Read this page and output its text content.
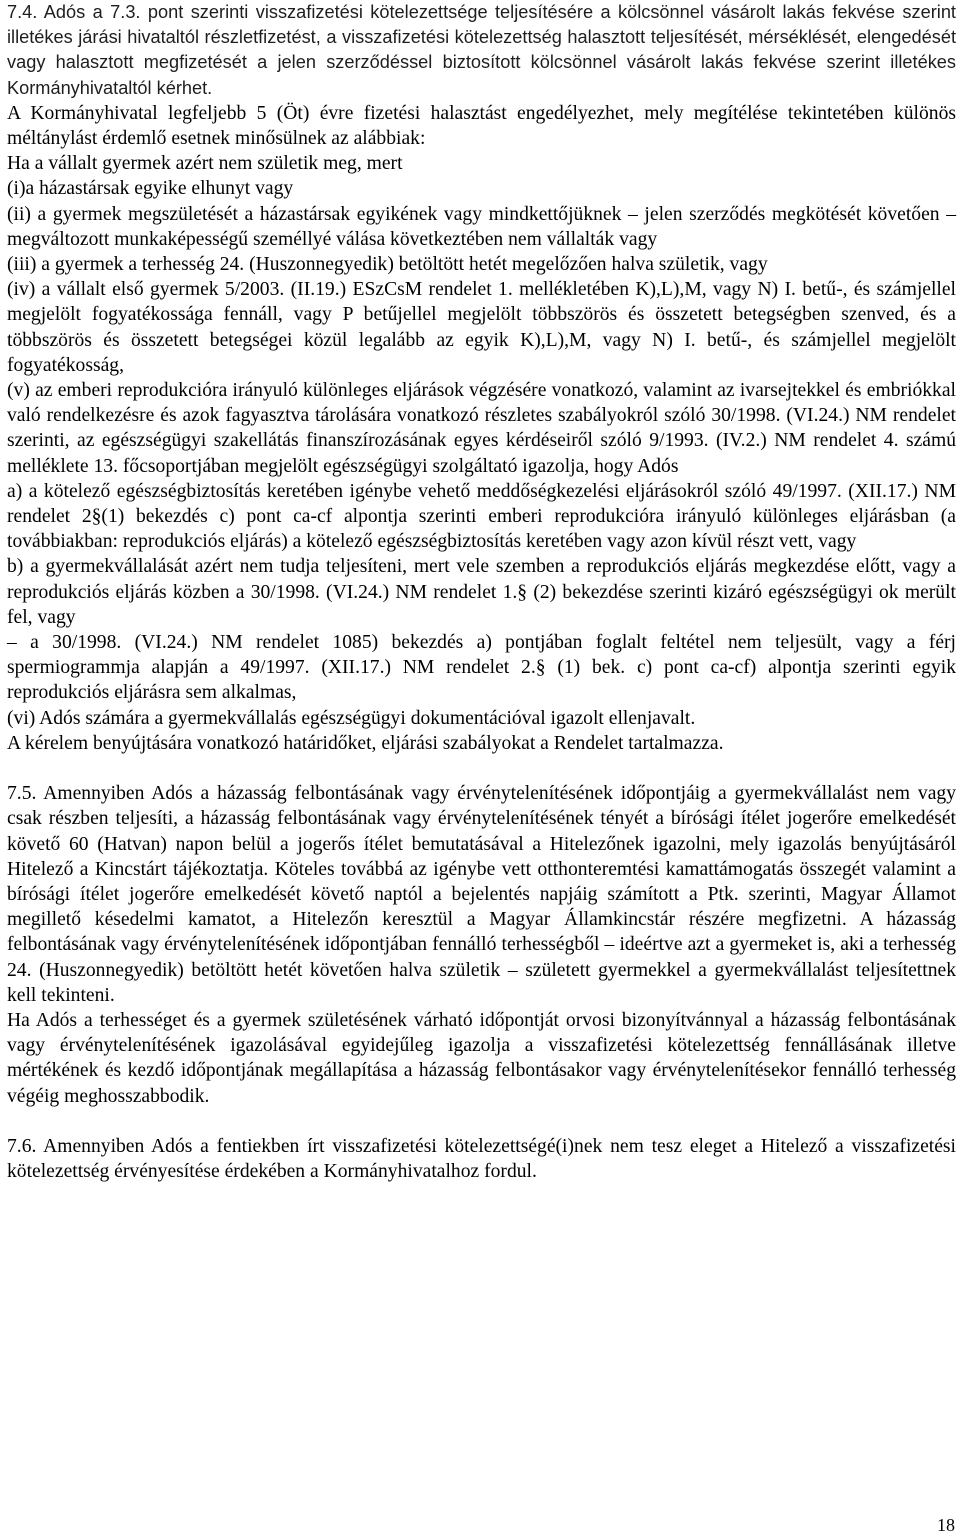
7.4. Adós a 7.3. pont szerinti visszafizetési kötelezettsége teljesítésére a kölcsönnel vásárolt lakás fekvése szerint illetékes járási hivataltól részletfizetést, a visszafizetési kötelezettség halasztott teljesítését, mérséklését, elengedését vagy halasztott megfizetését a jelen szerződéssel biztosított kölcsönnel vásárolt lakás fekvése szerint illetékes Kormányhivataltól kérhet.

A Kormányhivatal legfeljebb 5 (Öt) évre fizetési halasztást engedélyezhet, mely megítélése tekintetében különös méltánylást érdemlő esetnek minősülnek az alábbiak:

Ha a vállalt gyermek azért nem születik meg, mert

(i)a házastársak egyike elhunyt vagy

(ii) a gyermek megszületését a házastársak egyikének vagy mindkettőjüknek – jelen szerződés megkötését követően – megváltozott munkaképességű személlyé válása következtében nem vállalták vagy

(iii) a gyermek a terhesség 24. (Huszonnegyedik) betöltött hetét megelőzően halva születik, vagy

(iv) a vállalt első gyermek 5/2003. (II.19.) ESzCsM rendelet 1. mellékletében K),L),M, vagy N) I. betű-, és számjellel megjelölt fogyatékossága fennáll, vagy P betűjellel megjelölt többszörös és összetett betegségben szenved, és a többszörös és összetett betegségei közül legalább az egyik K),L),M, vagy N) I. betű-, és számjellel megjelölt fogyatékosság,

(v) az emberi reprodukcióra irányuló különleges eljárások végzésére vonatkozó, valamint az ivarsejtekkel és embriókkal való rendelkezésre és azok fagyasztva tárolására vonatkozó részletes szabályokról szóló 30/1998. (VI.24.) NM rendelet szerinti, az egészségügyi szakellátás finanszírozásának egyes kérdéseiről szóló 9/1993. (IV.2.) NM rendelet 4. számú melléklete 13. főcsoportjában megjelölt egészségügyi szolgáltató igazolja, hogy Adós

a) a kötelező egészségbiztosítás keretében igénybe vehető meddőségkezelési eljárásokról szóló 49/1997. (XII.17.) NM rendelet 2§(1) bekezdés c) pont ca-cf alpontja szerinti emberi reprodukcióra irányuló különleges eljárásban (a továbbiakban: reprodukciós eljárás) a kötelező egészségbiztosítás keretében vagy azon kívül részt vett, vagy

b) a gyermekvállalását azért nem tudja teljesíteni, mert vele szemben a reprodukciós eljárás megkezdése előtt, vagy a reprodukciós eljárás közben a 30/1998. (VI.24.) NM rendelet 1.§ (2) bekezdése szerinti kizáró egészségügyi ok merült fel, vagy

– a 30/1998. (VI.24.) NM rendelet 1085) bekezdés a) pontjában foglalt feltétel nem teljesült, vagy a férj spermiogrammja alapján a 49/1997. (XII.17.) NM rendelet 2.§ (1) bek. c) pont ca-cf) alpontja szerinti egyik reprodukciós eljárásra sem alkalmas,

(vi) Adós számára a gyermekvállalás egészségügyi dokumentációval igazolt ellenjavalt.

A kérelem benyújtására vonatkozó határidőket, eljárási szabályokat a Rendelet tartalmazza.

7.5. Amennyiben Adós a házasság felbontásának vagy érvénytelenítésének időpontjáig a gyermekvállalást nem vagy csak részben teljesíti, a házasság felbontásának vagy érvénytelenítésének tényét a bírósági ítélet jogerőre emelkedését követő 60 (Hatvan) napon belül a jogerős ítélet bemutatásával a Hitelezőnek igazolni, mely igazolás benyújtásáról Hitelező a Kincstárt tájékoztatja. Köteles továbbá az igénybe vett otthonteremtési kamattámogatás összegét valamint a bírósági ítélet jogerőre emelkedését követő naptól a bejelentés napjáig számított a Ptk. szerinti, Magyar Államot megillető késedelmi kamatot, a Hitelezőn keresztül a Magyar Államkincstár részére megfizetni. A házasság felbontásának vagy érvénytelenítésének időpontjában fennálló terhességből – ideértve azt a gyermeket is, aki a terhesség 24. (Huszonnegyedik) betöltött hetét követően halva születik – született gyermekkel a gyermekvállalást teljesítettnek kell tekinteni.

Ha Adós a terhességet és a gyermek születésének várható időpontját orvosi bizonyítvánnyal a házasság felbontásának vagy érvénytelenítésének igazolásával egyidejűleg igazolja a visszafizetési kötelezettség fennállásának illetve mértékének és kezdő időpontjának megállapítása a házasság felbontásakor vagy érvénytelenítésekor fennálló terhesség végéig meghosszabbodik.

7.6. Amennyiben Adós a fentiekben írt visszafizetési kötelezettségé(i)nek nem tesz eleget a Hitelező a visszafizetési kötelezettség érvényesítése érdekében a Kormányhivatalhoz fordul.

18
